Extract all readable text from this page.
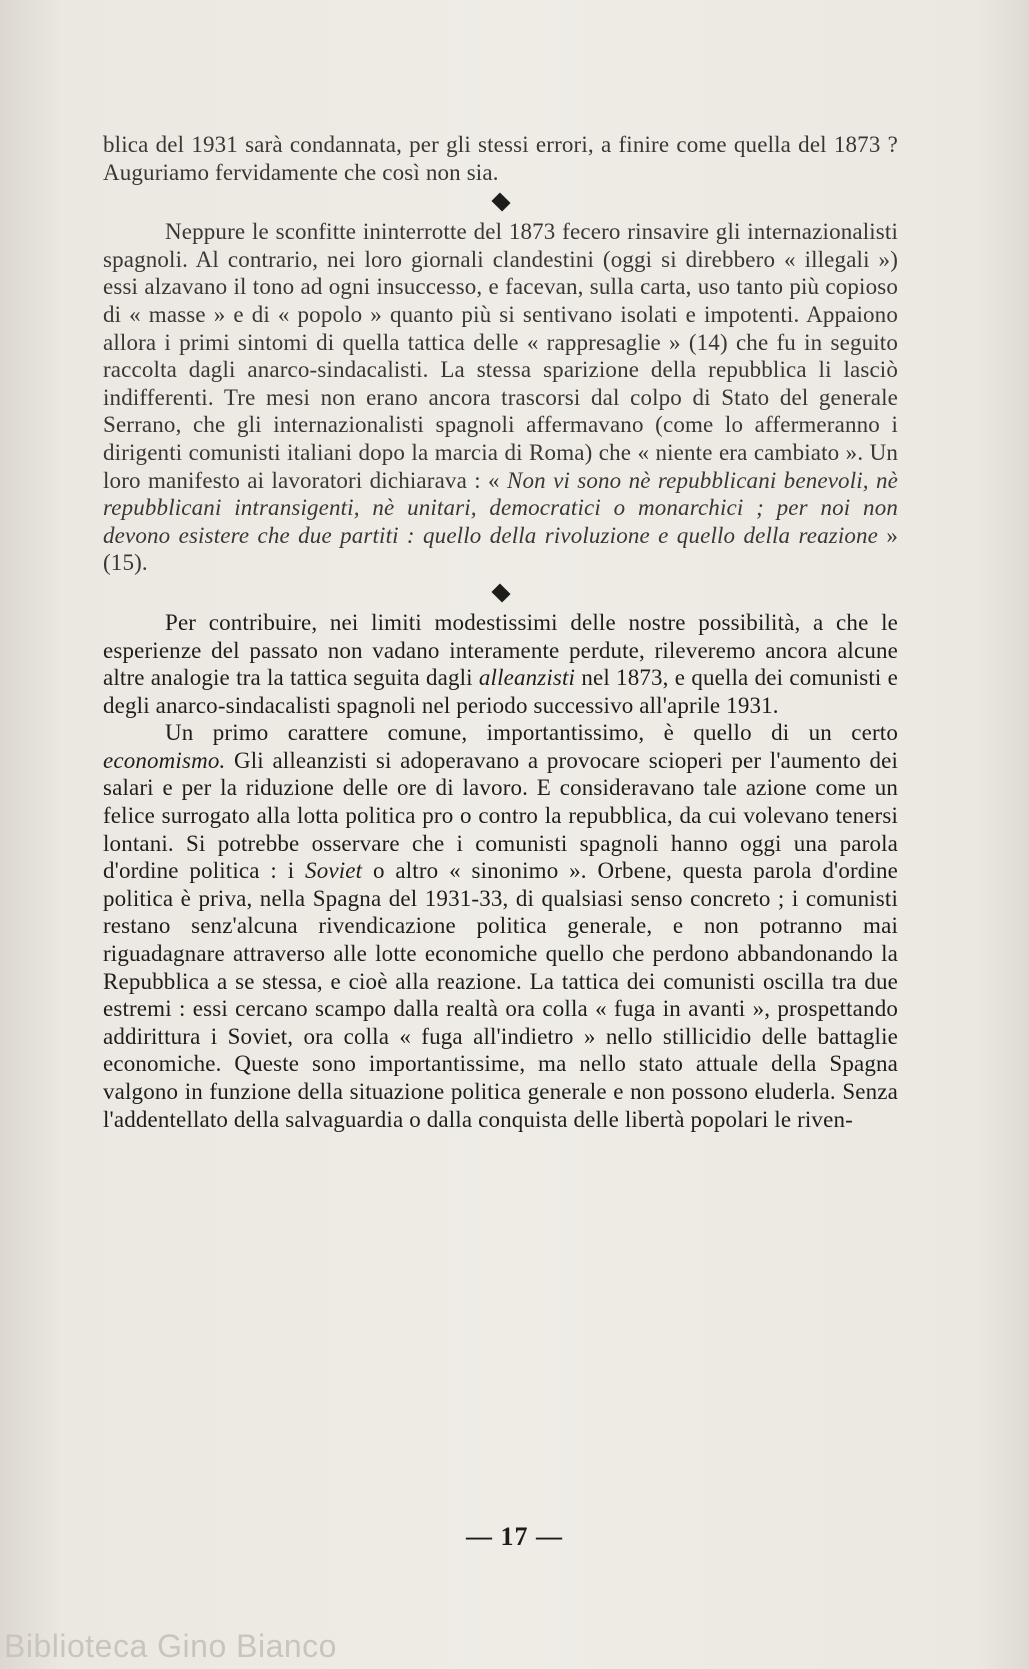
blica del 1931 sarà condannata, per gli stessi errori, a finire come quella del 1873 ? Auguriamo fervidamente che così non sia.

Neppure le sconfitte ininterrotte del 1873 fecero rinsavire gli internazionalisti spagnoli. Al contrario, nei loro giornali clandestini (oggi si direbbero « illegali ») essi alzavano il tono ad ogni insuccesso, e facevan, sulla carta, uso tanto più copioso di « masse » e di « popolo » quanto più si sentivano isolati e impotenti. Appaiono allora i primi sintomi di quella tattica delle « rappresaglie » (14) che fu in seguito raccolta dagli anarco-sindacalisti. La stessa sparizione della repubblica li lasciò indifferenti. Tre mesi non erano ancora trascorsi dal colpo di Stato del generale Serrano, che gli internazionalisti spagnoli affermavano (come lo affermeranno i dirigenti comunisti italiani dopo la marcia di Roma) che « niente era cambiato ». Un loro manifesto ai lavoratori dichiarava : « Non vi sono nè repubblicani benevoli, nè repubblicani intransigenti, nè unitari, democratici o monarchici ; per noi non devono esistere che due partiti : quello della rivoluzione e quello della reazione » (15).

Per contribuire, nei limiti modestissimi delle nostre possibilità, a che le esperienze del passato non vadano interamente perdute, rileveremo ancora alcune altre analogie tra la tattica seguita dagli alleanzisti nel 1873, e quella dei comunisti e degli anarco-sindacalisti spagnoli nel periodo successivo all'aprile 1931.

Un primo carattere comune, importantissimo, è quello di un certo economismo. Gli alleanzisti si adoperavano a provocare scioperi per l'aumento dei salari e per la riduzione delle ore di lavoro. E consideravano tale azione come un felice surrogato alla lotta politica pro o contro la repubblica, da cui volevano tenersi lontani. Si potrebbe osservare che i comunisti spagnoli hanno oggi una parola d'ordine politica : i Soviet o altro « sinonimo ». Orbene, questa parola d'ordine politica è priva, nella Spagna del 1931-33, di qualsiasi senso concreto ; i comunisti restano senz'alcuna rivendicazione politica generale, e non potranno mai riguadagnare attraverso alle lotte economiche quello che perdono abbandonando la Repubblica a se stessa, e cioè alla reazione. La tattica dei comunisti oscilla tra due estremi : essi cercano scampo dalla realtà ora colla « fuga in avanti », prospettando addirittura i Soviet, ora colla « fuga all'indietro » nello stillicidio delle battaglie economiche. Queste sono importantissime, ma nello stato attuale della Spagna valgono in funzione della situazione politica generale e non possono eluderla. Senza l'addentellato della salvaguardia o dalla conquista delle libertà popolari le riven-

— 17 —
Biblioteca Gino Bianco
